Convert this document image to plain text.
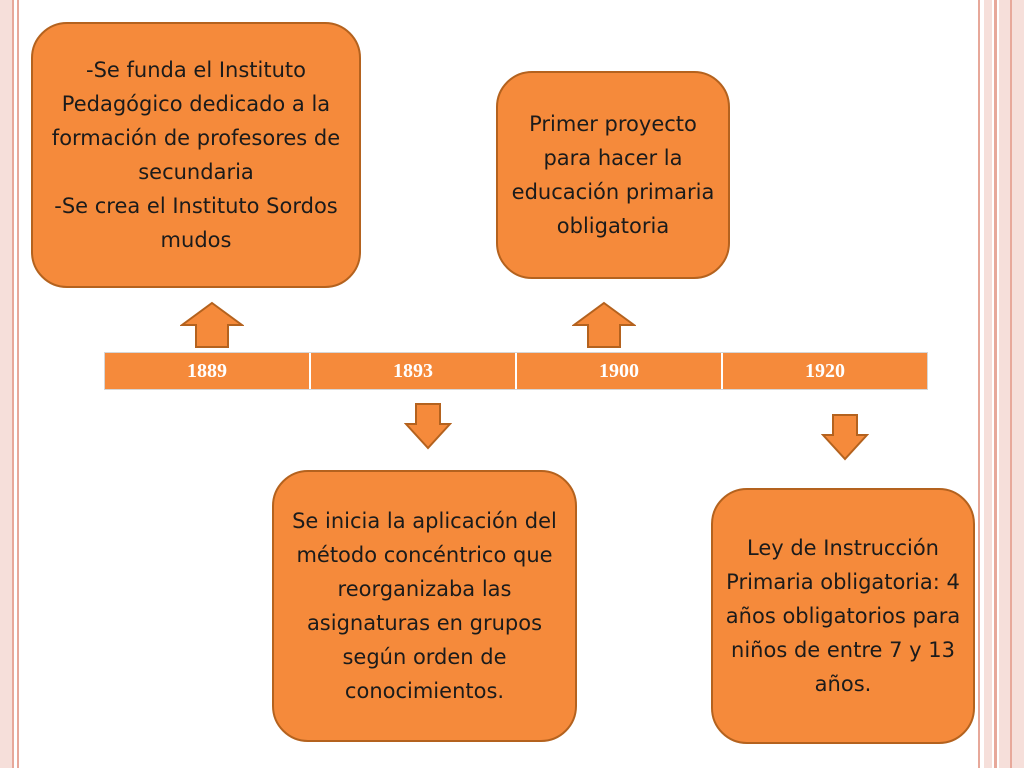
-Se funda el Instituto Pedagógico dedicado a la formación de profesores de secundaria
-Se crea el Instituto Sordos mudos
Primer proyecto para hacer la educación primaria obligatoria
Se inicia la aplicación del método concéntrico que reorganizaba las asignaturas en grupos según orden de conocimientos.
Ley de Instrucción Primaria obligatoria: 4 años obligatorios para niños de entre 7 y 13 años.
1889	1893	1900	1920
